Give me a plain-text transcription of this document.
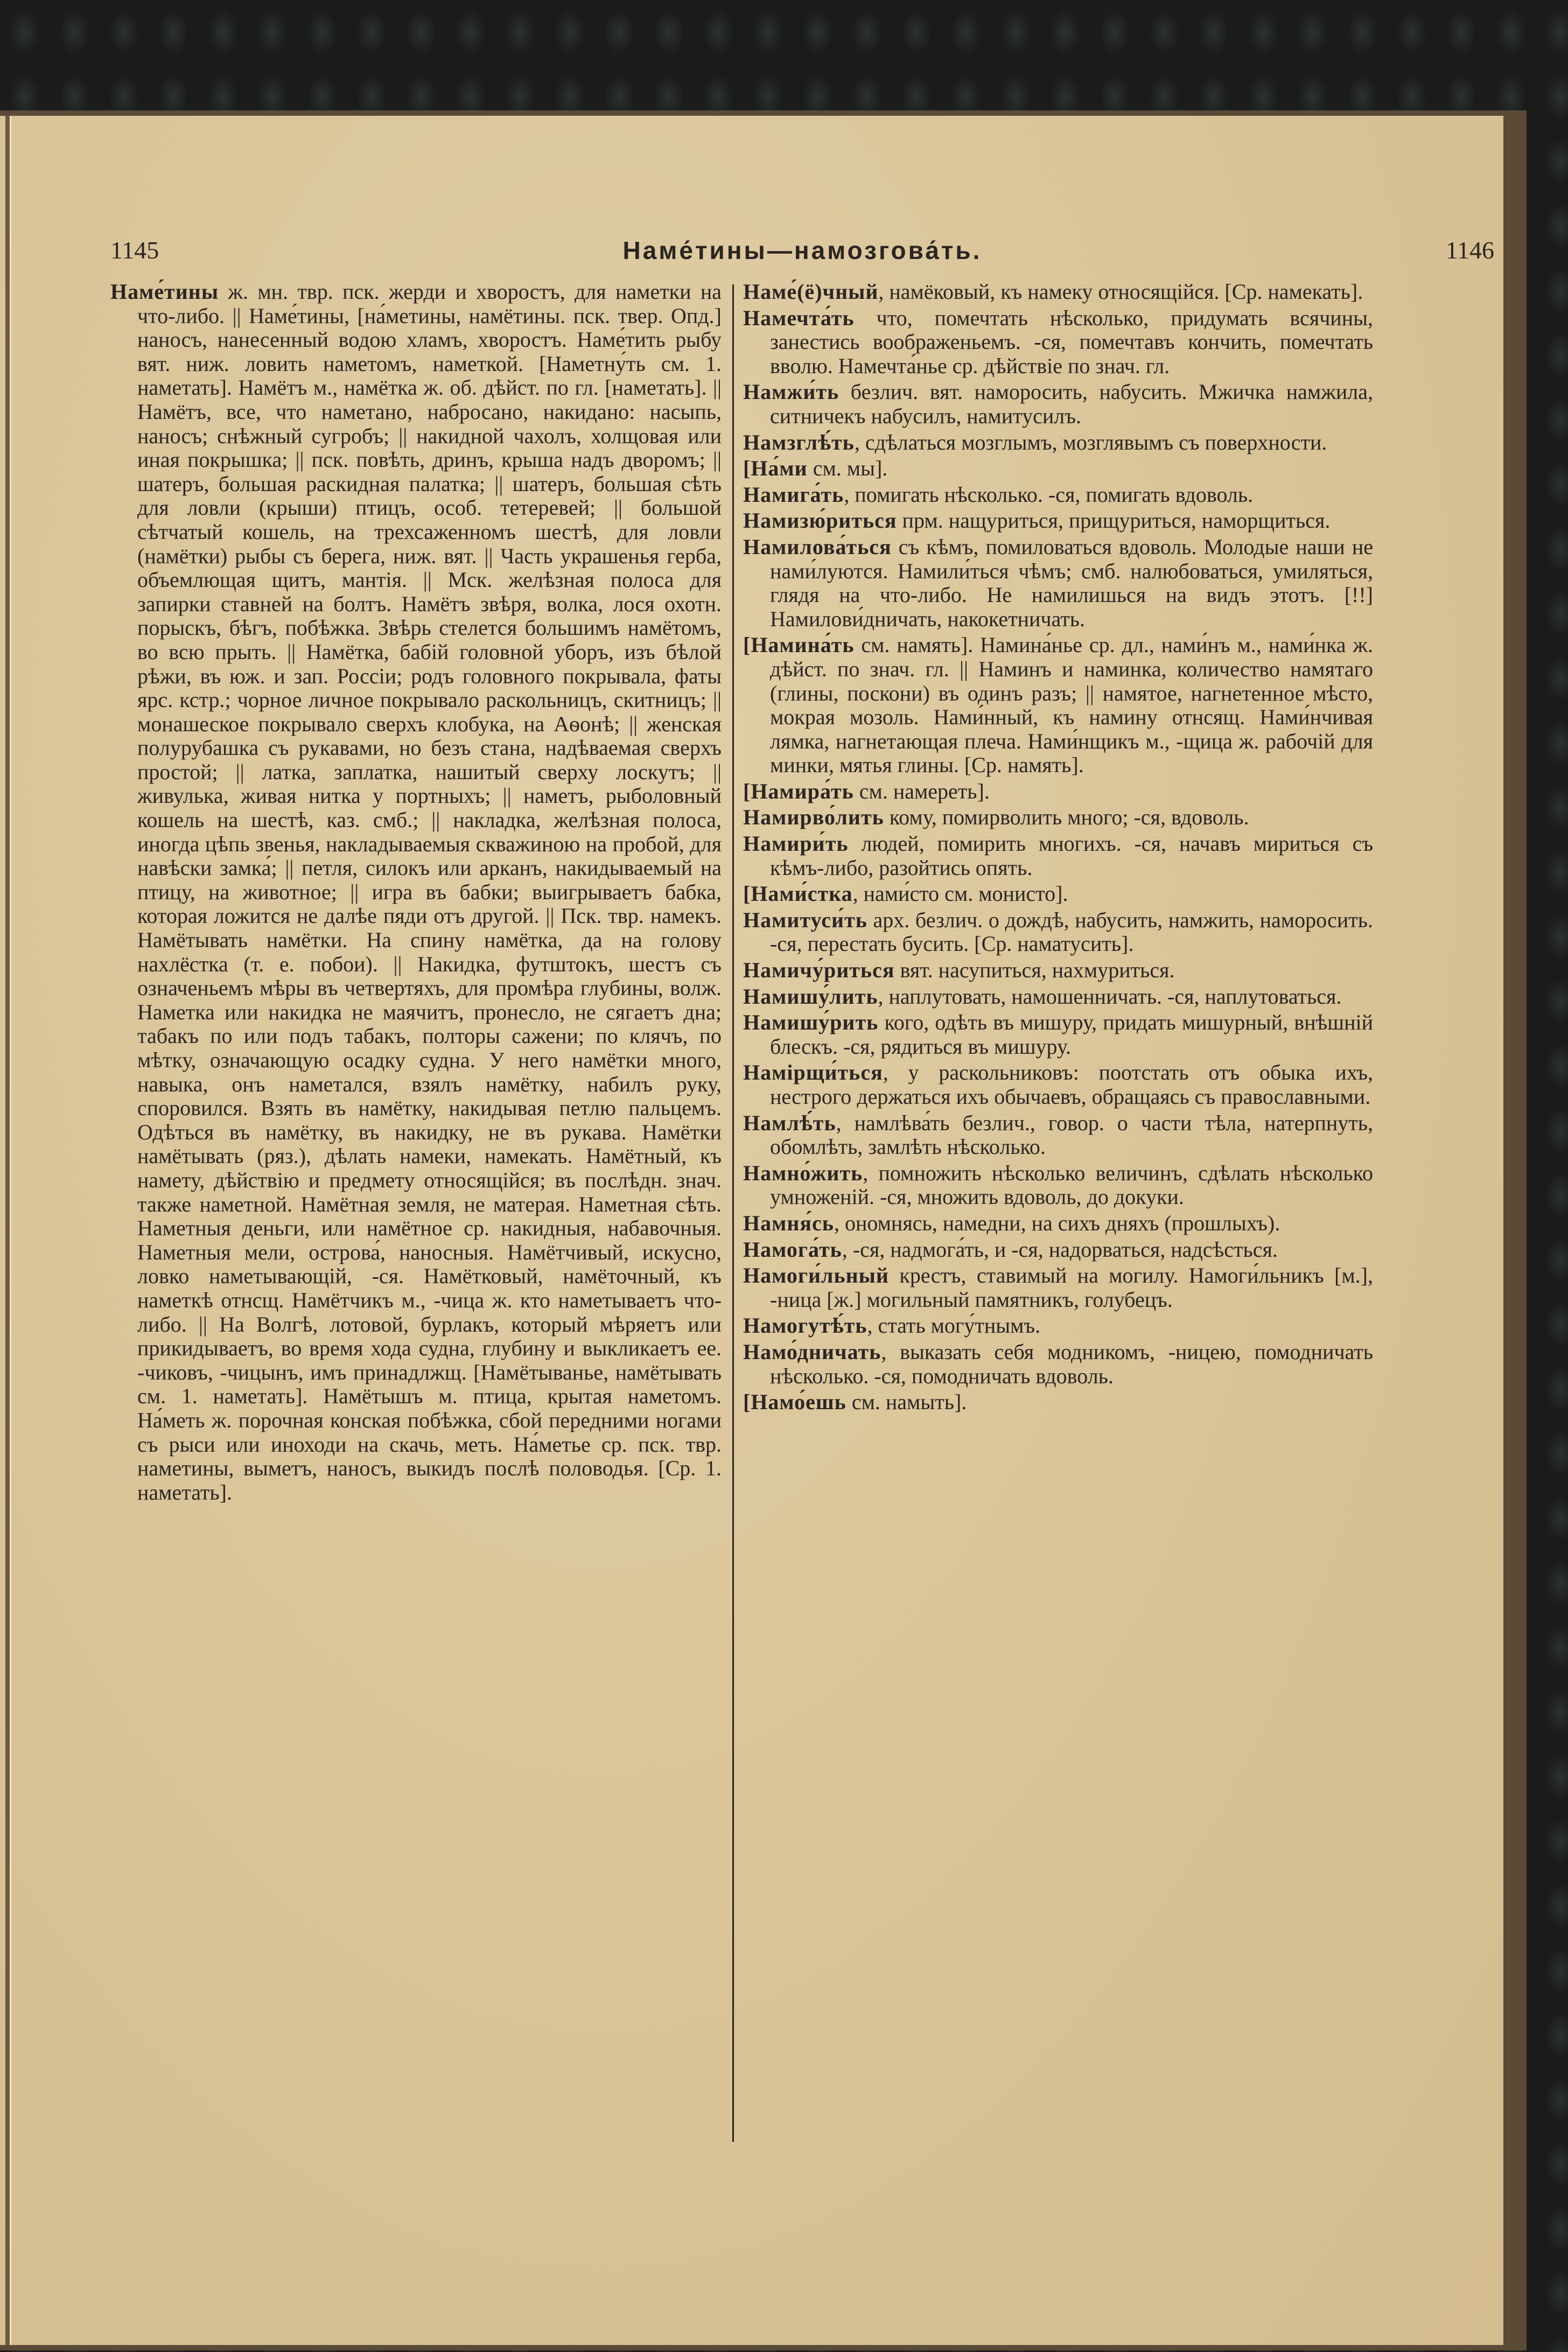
1145	Наме́тины—намозгова́ть.	1146

Наме́тины ж. мн. твр. пск. жерди и хворостъ, для наметки на что-либо. || Наме́тины, [на́метины, намётины. пск. твер. Опд.] наносъ, нанесенный водою хламъ, хворостъ. Наме́тить рыбу вят. ниж. ловить наметомъ, наметкой. [Наметну́ть см. 1. наметать]. Намётъ м., намётка ж. об. дѣйст. по гл. [наметать]. || Намётъ, все, что наметано, набросано, накидано: насыпь, наносъ; снѣжный сугробъ; || накидной чахолъ, холщовая или иная покрышка; || пск. повѣть, дринъ, крыша надъ дворомъ; || шатеръ, большая раскидная палатка; || шатеръ, большая сѣть для ловли (крыши) птицъ, особ. тетеревей; || большой сѣтчатый кошель, на трехсаженномъ шестѣ, для ловли (намётки) рыбы съ берега, ниж. вят. || Часть украшенья герба, объемлющая щитъ, мантія. || Мск. желѣзная полоса для запирки ставней на болтъ. Намётъ звѣря, волка, лося охотн. порыскъ, бѣгъ, побѣжка. Звѣрь стелется большимъ намётомъ, во всю прыть. || Намётка, бабій головной уборъ, изъ бѣлой рѣжи, въ юж. и зап. Россіи; родъ головного покрывала, фаты ярс. кстр.; чорное личное покрывало раскольницъ, скитницъ; || монашеское покрывало сверхъ клобука, на Аѳонѣ; || женская полурубашка съ рукавами, но безъ стана, надѣваемая сверхъ простой; || латка, заплатка, нашитый сверху лоскутъ; || живулька, живая нитка у портныхъ; || наметъ, рыболовный кошель на шестѣ, каз. смб.; || накладка, желѣзная полоса, иногда цѣпь звенья, накладываемыя скважиною на пробой, для навѣски замка́; || петля, силокъ или арканъ, накидываемый на птицу, на животное; || игра въ бабки; выигрываетъ бабка, которая ложится не далѣе пяди отъ другой. || Пск. твр. намекъ. Намётывать намётки. На спину намётка, да на голову нахлёстка (т. е. побои). || Накидка, футштокъ, шестъ съ означеньемъ мѣры въ четвертяхъ, для промѣра глубины, волж. Наметка или накидка не маячитъ, пронесло, не сягаетъ дна; табакъ по или подъ табакъ, полторы сажени; по клячъ, по мѣтку, означающую осадку судна. У него намётки много, навыка, онъ наметался, взялъ намётку, набилъ руку, споровился. Взять въ намётку, накидывая петлю пальцемъ. Одѣться въ намётку, въ накидку, не въ рукава. Намётки намётывать (ряз.), дѣлать намеки, намекать. Намётный, къ намету, дѣйствію и предмету относящійся; въ послѣдн. знач. также наметной. Намётная земля, не матерая. Наметная сѣть. Наметныя деньги, или намётное ср. накидныя, набавочныя. Наметныя мели, острова́, наносныя. Намётчивый, искусно, ловко наметывающій, -ся. Намётковый, намёточный, къ наметкѣ отнсщ. Намётчикъ м., -чица ж. кто наметываетъ что-либо. || На Волгѣ, лотовой, бурлакъ, который мѣряетъ или прикидываетъ, во время хода судна, глубину и выкликаетъ ее. -чиковъ, -чицынъ, имъ принадлжщ. [Намётыванье, намётывать см. 1. наметать]. Намётышъ м. птица, крытая наметомъ. На́меть ж. порочная конская побѣжка, сбой передними ногами съ рыси или иноходи на скачь, меть. На́метье ср. пск. твр. наметины, выметъ, наносъ, выкидъ послѣ половодья. [Ср. 1. наметать].

Наме́(ё)чный, намёковый, къ намеку относящійся. [Ср. намекать].

Намечта́ть что, помечтать нѣсколько, придумать всячины, занестись воображеньемъ. -ся, помечтавъ кончить, помечтать вволю. Намечта́нье ср. дѣйствіе по знач. гл.

Намжи́ть безлич. вят. наморосить, набусить. Мжичка намжила, ситничекъ набусилъ, намитусилъ.

Намзглѣ́ть, сдѣлаться мозглымъ, мозглявымъ съ поверхности.

[На́ми см. мы].

Намига́ть, помигать нѣсколько. -ся, помигать вдоволь.

Намизю́риться прм. нащуриться, прищуриться, наморщиться.

Намилова́ться съ кѣмъ, помиловаться вдоволь. Молодые наши не нами́луются. Намили́ться чѣмъ; смб. налюбоваться, умиляться, глядя на что-либо. Не намилишься на видъ этотъ. [!!] Намилови́дничать, накокетничать.

[Намина́ть см. намять]. Намина́нье ср. дл., нами́нъ м., нами́нка ж. дѣйст. по знач. гл. || Наминъ и наминка, количество намятаго (глины, поскони) въ одинъ разъ; || намятое, нагнетенное мѣсто, мокрая мозоль. Нами́нный, къ намину отнсящ. Нами́нчивая лямка, нагнетающая плеча. Нами́нщикъ м., -щица ж. рабочій для минки, мятья глины. [Ср. намять].

[Намира́ть см. намереть].

Намирво́лить кому, помирволить много; -ся, вдоволь.

Намири́ть людей, помирить многихъ. -ся, начавъ мириться съ кѣмъ-либо, разойтись опять.

[Нами́стка, нами́сто см. монисто].

Намитуси́ть арх. безлич. о дождѣ, набусить, намжить, наморосить. -ся, перестать бусить. [Ср. наматусить].

Намичу́риться вят. насупиться, нахмуриться.

Намишу́лить, наплутовать, намошенничать. -ся, наплутоваться.

Намишу́рить кого, одѣть въ мишуру, придать мишурный, внѣшній блескъ. -ся, рядиться въ мишуру.

Намірщи́ться, у раскольниковъ: поотстать отъ обыка ихъ, нестрого держаться ихъ обычаевъ, обращаясь съ православными.

Намлѣ́ть, намлѣва́ть безлич., говор. о части тѣла, натерпнуть, обомлѣть, замлѣть нѣсколько.

Намно́жить, помножить нѣсколько величинъ, сдѣлать нѣсколько умноженій. -ся, множить вдоволь, до докуки.

Намня́сь, ономнясь, намедни, на сихъ дняхъ (прошлыхъ).

Намога́ть, -ся, надмога́ть, и -ся, надорваться, надсѣсться.

Намоги́льный крестъ, ставимый на могилу. Намоги́льникъ [м.], -ница [ж.] могильный памятникъ, голубецъ.

Намогутѣ́ть, стать могу́тнымъ.

Намо́дничать, выказать себя модникомъ, -ницею, помодничать нѣсколько. -ся, помодничать вдоволь.

[Намо́ешь см. намыть].
